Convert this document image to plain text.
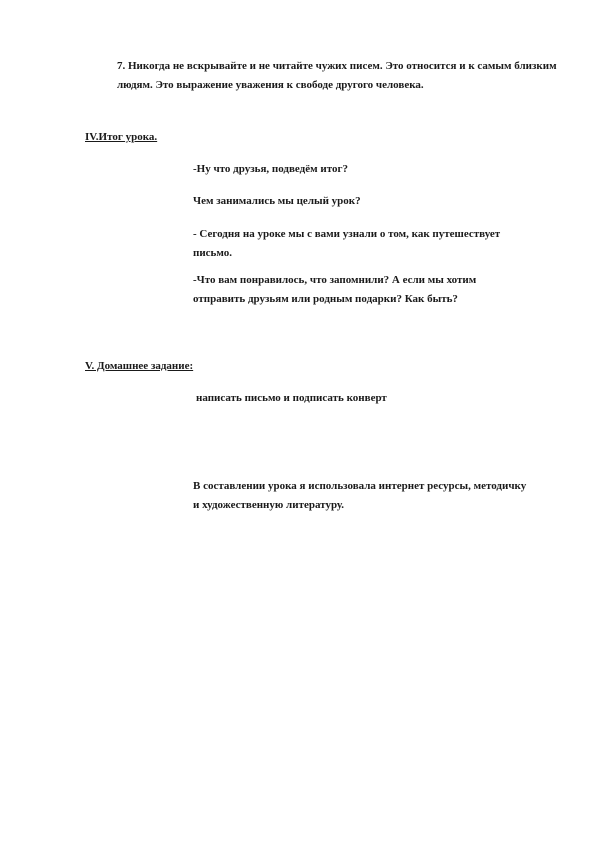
7. Никогда не вскрывайте и не читайте чужих писем. Это относится и к самым близким людям. Это выражение уважения к свободе другого человека.

IV.Итог урока.

-Ну что друзья, подведём итог?

Чем занимались мы целый урок?

- Сегодня на уроке мы с вами узнали о том, как путешествует письмо.

-Что вам понравилось, что запомнили? А если мы хотим отправить друзьям или родным подарки? Как быть?

V. Домашнее задание:

написать письмо и подписать конверт

В составлении урока я использовала интернет ресурсы, методичку и художественную литературу.
